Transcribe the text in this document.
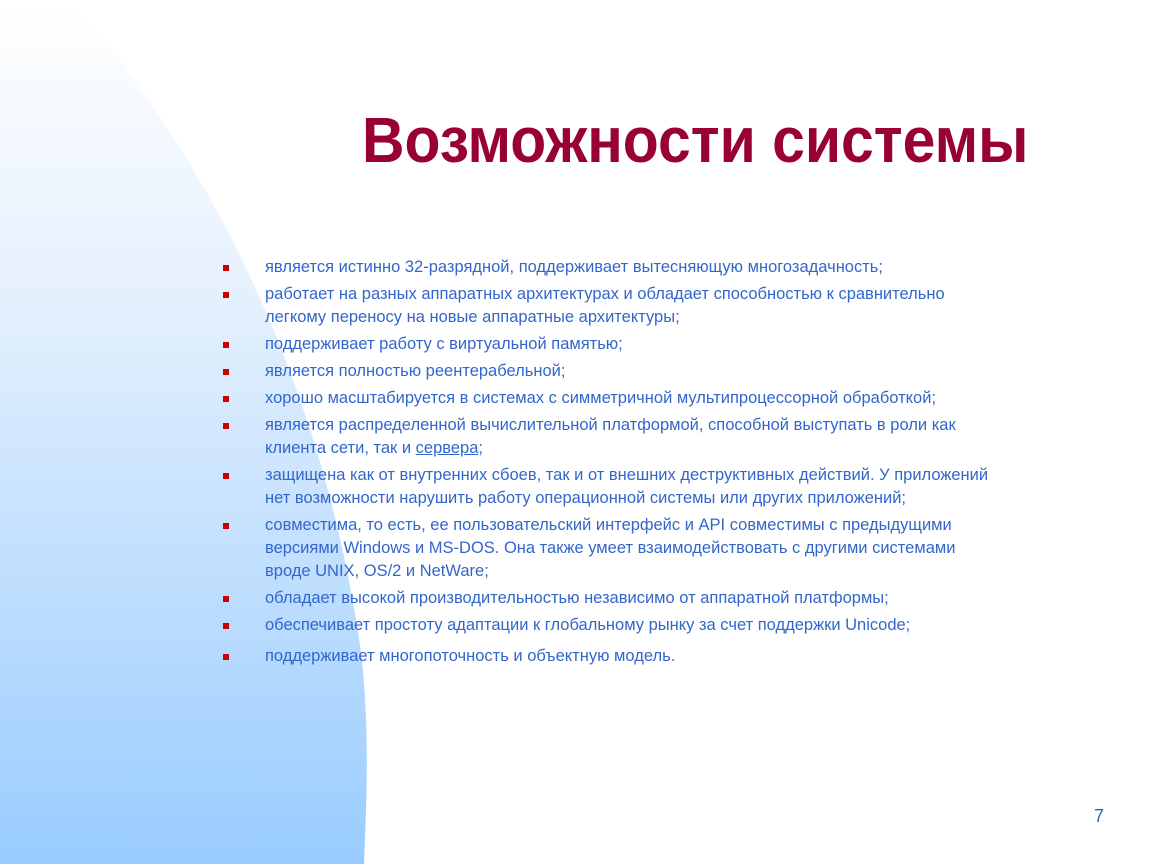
Возможности системы
является истинно 32-разрядной, поддерживает вытесняющую многозадачность;
работает на разных аппаратных архитектурах и обладает способностью к сравнительно
легкому переносу на новые аппаратные архитектуры;
поддерживает работу с виртуальной памятью;
является полностью реентерабельной;
хорошо масштабируется в системах с симметричной мультипроцессорной обработкой;
является распределенной вычислительной платформой, способной выступать в роли как
клиента сети, так и сервера;
защищена как от внутренних сбоев, так и от внешних деструктивных действий. У приложений
нет возможности нарушить работу операционной системы или других приложений;
совместима, то есть, ее пользовательский интерфейс и API совместимы с предыдущими
версиями Windows и MS-DOS. Она также умеет взаимодействовать с другими системами
вроде UNIX, OS/2 и NetWare;
обладает высокой производительностью независимо от аппаратной платформы;
обеспечивает простоту адаптации к глобальному рынку за счет поддержки Unicode;
поддерживает многопоточность и объектную модель.
7
